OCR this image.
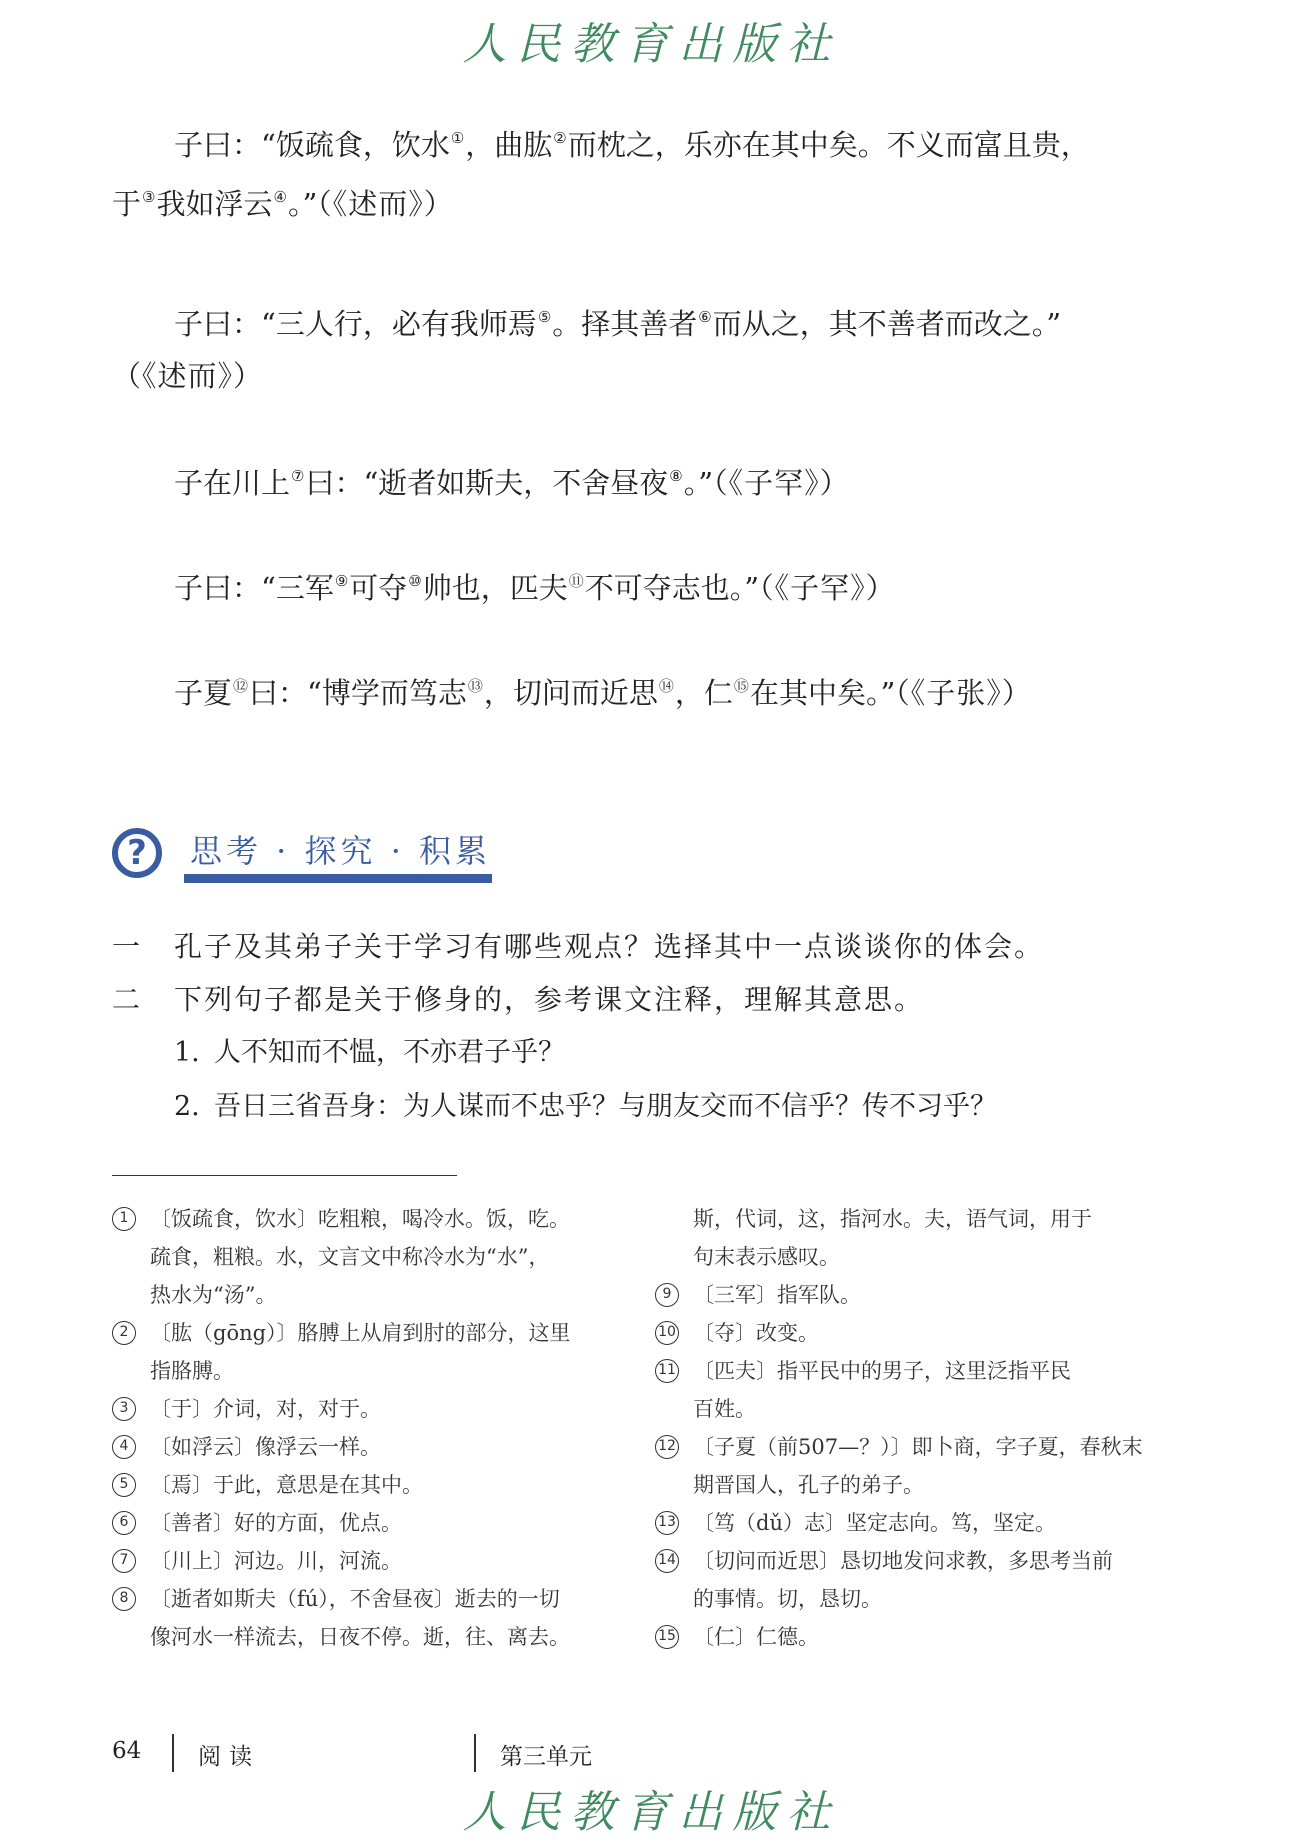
人民教育出版社
子曰：“饭疏食，饮水①，曲肱②而枕之，乐亦在其中矣。不义而富且贵，
于③我如浮云④。”（《述而》）
子曰：“三人行，必有我师焉⑤。择其善者⑥而从之，其不善者而改之。”
（《述而》）
子在川上⑦曰：“逝者如斯夫，不舍昼夜⑧。”（《子罕》）
子曰：“三军⑨可夺⑩帅也，匹夫⑪不可夺志也。”（《子罕》）
子夏⑫曰：“博学而笃志⑬，切问而近思⑭，仁⑮在其中矣。”（《子张》）
?	思考 · 探究 · 积累
一 孔子及其弟子关于学习有哪些观点？选择其中一点谈谈你的体会。
二 下列句子都是关于修身的，参考课文注释，理解其意思。
1. 人不知而不愠，不亦君子乎？
2. 吾日三省吾身：为人谋而不忠乎？与朋友交而不信乎？传不习乎？
1	〔饭疏食，饮水〕吃粗粮，喝冷水。饭，吃。
疏食，粗粮。水，文言文中称冷水为“水”，
热水为“汤”。
2	〔肱（gōng）〕胳膊上从肩到肘的部分，这里
指胳膊。
3	〔于〕介词，对，对于。
4	〔如浮云〕像浮云一样。
5	〔焉〕于此，意思是在其中。
6	〔善者〕好的方面，优点。
7	〔川上〕河边。川，河流。
8	〔逝者如斯夫（fú），不舍昼夜〕逝去的一切
像河水一样流去，日夜不停。逝，往、离去。
斯，代词，这，指河水。夫，语气词，用于
句末表示感叹。
9	〔三军〕指军队。
10 〔夺〕改变。
11 〔匹夫〕指平民中的男子，这里泛指平民
百姓。
12 〔子夏（前507—？）〕即卜商，字子夏，春秋末
期晋国人，孔子的弟子。
13 〔笃（dǔ）志〕坚定志向。笃，坚定。
14 〔切问而近思〕恳切地发问求教，多思考当前
的事情。切，恳切。
15 〔仁〕仁德。
64 阅读	第三单元
人民教育出版社
